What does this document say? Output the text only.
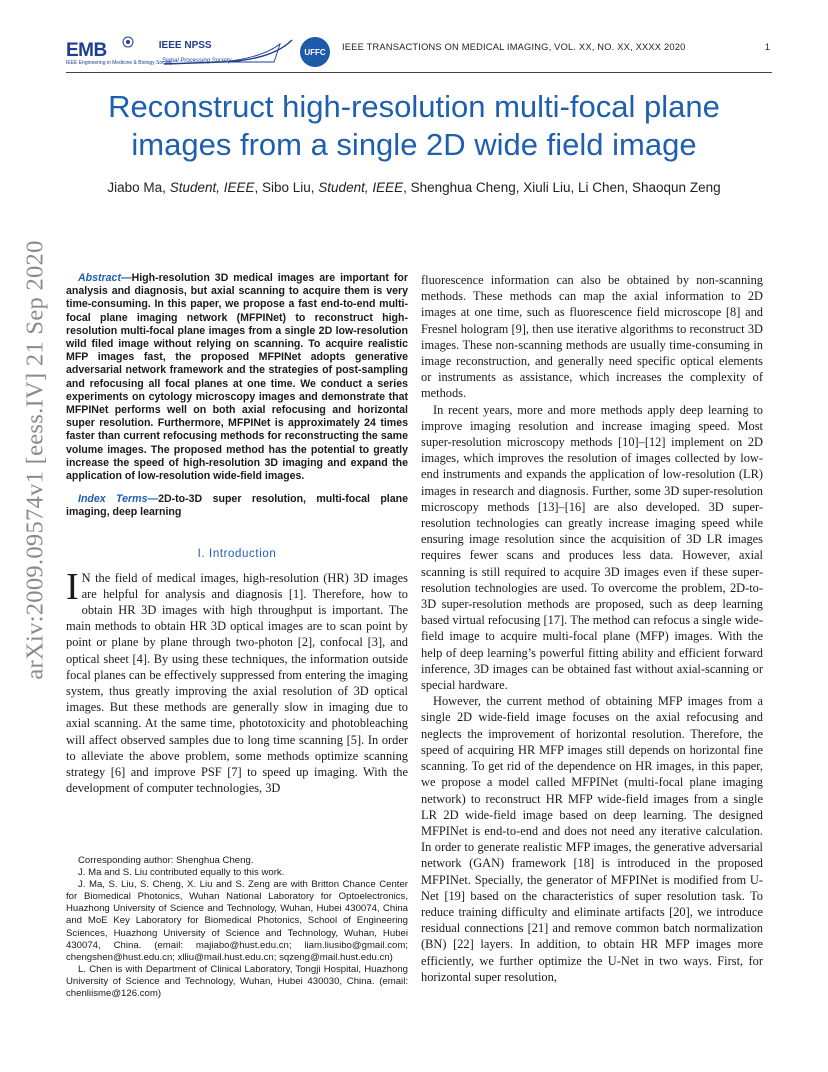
EMB
IEEE Engineering in Medicine & Biology Society
IEEE NPSS
Signal Processing Society
UFFC IEEE TRANSACTIONS ON MEDICAL IMAGING, VOL. XX, NO. XX, XXXX 2020	1
Reconstruct high-resolution multi-focal plane
images from a single 2D wide field image
Jiabo Ma, Student, IEEE, Sibo Liu, Student, IEEE, Shenghua Cheng, Xiuli Liu, Li Chen, Shaoqun Zeng
arXiv:2009.09574v1 [eess.IV] 21 Sep 2020	Abstract—High-resolution 3D medical images are important for analysis and diagnosis, but axial scanning to acquire them is very time-consuming. In this paper, we propose a fast end-to-end multi-focal plane imaging network (MFPINet) to reconstruct high-resolution multi-focal plane images from a single 2D low-resolution wild filed image without relying on scanning. To acquire realistic MFP images fast, the proposed MFPINet adopts generative adversarial network framework and the strategies of post-sampling and refocusing all focal planes at one time. We conduct a series experiments on cytology microscopy images and demonstrate that MFPINet performs well on both axial refocusing and horizontal super resolution. Furthermore, MFPINet is approximately 24 times faster than current refocusing methods for reconstructing the same volume images. The proposed method has the potential to greatly increase the speed of high-resolution 3D imaging and expand the application of low-resolution wide-field images.
Index Terms—2D-to-3D super resolution, multi-focal plane imaging, deep learning
I. Introduction
I N the field of medical images, high-resolution (HR) 3D images are helpful for analysis and diagnosis [1]. Therefore, how to obtain HR 3D images with high throughput is important. The main methods to obtain HR 3D optical images are to scan point by point or plane by plane through two-photon [2], confocal [3], and optical sheet [4]. By using these techniques, the information outside focal planes can be effectively suppressed from entering the imaging system, thus greatly improving the axial resolution of 3D optical images. But these methods are generally slow in imaging due to axial scanning. At the same time, phototoxicity and photobleaching will affect observed samples due to long time scanning [5]. In order to alleviate the above problem, some methods optimize scanning strategy [6] and improve PSF [7] to speed up imaging. With the development of computer technologies, 3D

Corresponding author: Shenghua Cheng.

J. Ma and S. Liu contributed equally to this work.

J. Ma, S. Liu, S. Cheng, X. Liu and S. Zeng are with Britton Chance Center for Biomedical Photonics, Wuhan National Laboratory for Optoelectronics, Huazhong University of Science and Technology, Wuhan, Hubei 430074, China and MoE Key Laboratory for Biomedical Photonics, School of Engineering Sciences, Huazhong University of Science and Technology, Wuhan, Hubei 430074, China. (email: majiabo@hust.edu.cn; liam.liusibo@gmail.com; chengshen@hust.edu.cn; xlliu@mail.hust.edu.cn; sqzeng@mail.hust.edu.cn)

L. Chen is with Department of Clinical Laboratory, Tongji Hospital, Huazhong University of Science and Technology, Wuhan, Hubei 430030, China. (email: chenliisme@126.com)

fluorescence information can also be obtained by non-scanning methods. These methods can map the axial information to 2D images at one time, such as fluorescence field microscope [8] and Fresnel hologram [9], then use iterative algorithms to reconstruct 3D images. These non-scanning methods are usually time-consuming in image reconstruction, and generally need specific optical elements or instruments as assistance, which increases the complexity of methods.

In recent years, more and more methods apply deep learning to improve imaging resolution and increase imaging speed. Most super-resolution microscopy methods [10]–[12] implement on 2D images, which improves the resolution of images collected by low-end instruments and expands the application of low-resolution (LR) images in research and diagnosis. Further, some 3D super-resolution microscopy methods [13]–[16] are also developed. 3D super-resolution technologies can greatly increase imaging speed while ensuring image resolution since the acquisition of 3D LR images requires fewer scans and produces less data. However, axial scanning is still required to acquire 3D images even if these super-resolution technologies are used. To overcome the problem, 2D-to-3D super-resolution methods are proposed, such as deep learning based virtual refocusing [17]. The method can refocus a single wide-field image to acquire multi-focal plane (MFP) images. With the help of deep learning’s powerful fitting ability and efficient forward inference, 3D images can be obtained fast without axial-scanning or special hardware.

However, the current method of obtaining MFP images from a single 2D wide-field image focuses on the axial refocusing and neglects the improvement of horizontal resolution. Therefore, the speed of acquiring HR MFP images still depends on horizontal fine scanning. To get rid of the dependence on HR images, in this paper, we propose a model called MFPINet (multi-focal plane imaging network) to reconstruct HR MFP wide-field images from a single LR 2D wide-field image based on deep learning. The designed MFPINet is end-to-end and does not need any iterative calculation. In order to generate realistic MFP images, the generative adversarial network (GAN) framework [18] is introduced in the proposed MFPINet. Specially, the generator of MFPINet is modified from U-Net [19] based on the characteristics of super resolution task. To reduce training difficulty and eliminate artifacts [20], we introduce residual connections [21] and remove common batch normalization (BN) [22] layers. In addition, to obtain HR MFP images more efficiently, we further optimize the U-Net in two ways. First, for horizontal super resolution,
